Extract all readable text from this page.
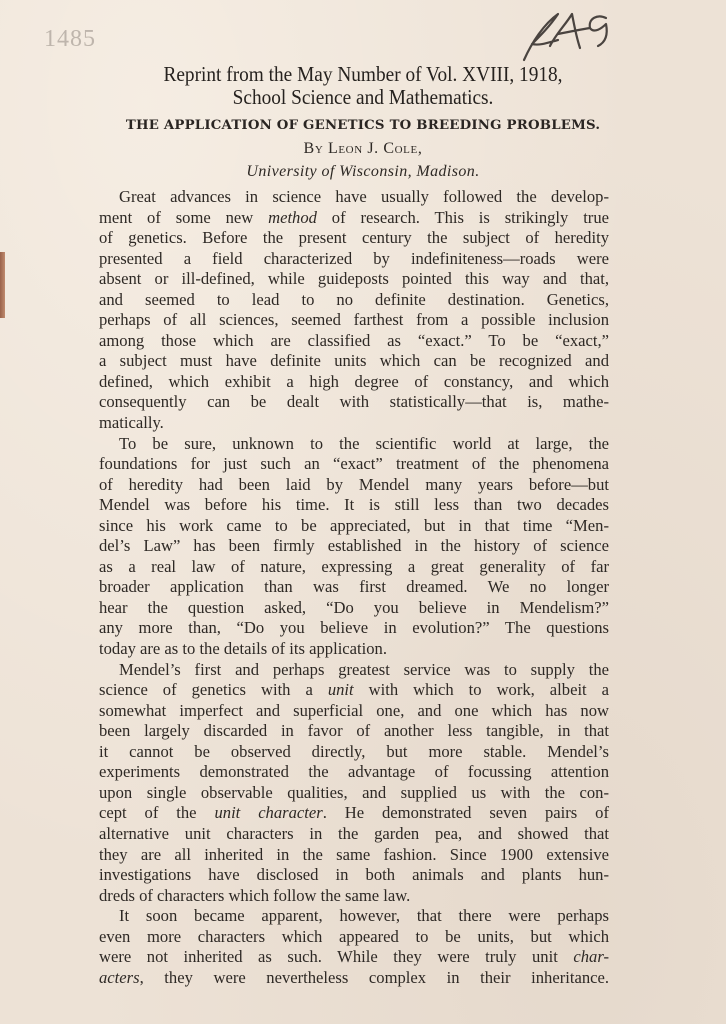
1485
Reprint from the May Number of Vol. XVIII, 1918,
School Science and Mathematics.
THE APPLICATION OF GENETICS TO BREEDING PROBLEMS.
By Leon J. Cole,
University of Wisconsin, Madison.
Great advances in science have usually followed the develop-
ment of some new method of research. This is strikingly true
of genetics. Before the present century the subject of heredity
presented a field characterized by indefiniteness—roads were
absent or ill-defined, while guideposts pointed this way and that,
and seemed to lead to no definite destination. Genetics,
perhaps of all sciences, seemed farthest from a possible inclusion
among those which are classified as “exact.” To be “exact,”
a subject must have definite units which can be recognized and
defined, which exhibit a high degree of constancy, and which
consequently can be dealt with statistically—that is, mathe-
matically.
To be sure, unknown to the scientific world at large, the
foundations for just such an “exact” treatment of the phenomena
of heredity had been laid by Mendel many years before—but
Mendel was before his time. It is still less than two decades
since his work came to be appreciated, but in that time “Men-
del’s Law” has been firmly established in the history of science
as a real law of nature, expressing a great generality of far
broader application than was first dreamed. We no longer
hear the question asked, “Do you believe in Mendelism?”
any more than, “Do you believe in evolution?” The questions
today are as to the details of its application.
Mendel’s first and perhaps greatest service was to supply the
science of genetics with a unit with which to work, albeit a
somewhat imperfect and superficial one, and one which has now
been largely discarded in favor of another less tangible, in that
it cannot be observed directly, but more stable. Mendel’s
experiments demonstrated the advantage of focussing attention
upon single observable qualities, and supplied us with the con-
cept of the unit character. He demonstrated seven pairs of
alternative unit characters in the garden pea, and showed that
they are all inherited in the same fashion. Since 1900 extensive
investigations have disclosed in both animals and plants hun-
dreds of characters which follow the same law.
It soon became apparent, however, that there were perhaps
even more characters which appeared to be units, but which
were not inherited as such. While they were truly unit char-
acters, they were nevertheless complex in their inheritance.
